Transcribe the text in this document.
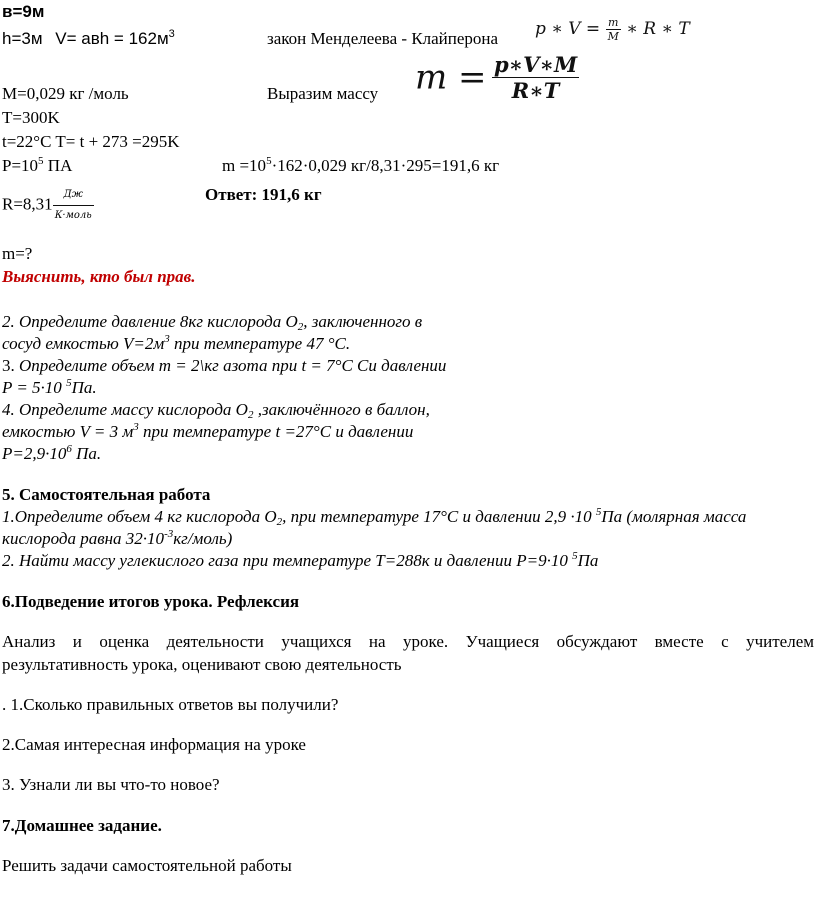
в=9м
h=3м V= авh = $162м^3$	закон Менделеева - Клайперона p ∗ $V = \frac{m}{M}$ ∗ R ∗ T
М=0,029 кг /моль	Выразим массу $m = \frac{p∗V∗M}{R∗T}$
T=300K
t=22°C T= t + 273 =295K
$P=10^5$ ПА	$m =10^5\cdot 162\cdot 0,029$ кг/8,31·295=191,6 кг
$R=8,31 \frac{Дж}{\text{К·моль}}$	Ответ: 191,6 кг
m=?
Выяснить, кто был прав.
2. Определите давление 8кг кислорода $О_2$, заключенного в
сосуд емкостью $V=2м^3$ при температуре 47 °С.
3. Определите объем m = 2\кг азота при t = 7°С Си давлении
P = 5·10 $^5$Па.
4. Определите массу кислорода $О_2$ ,заключённого в баллон,
емкостью V = 3 $м^3$ при температуре t =27°С и давлении
$P=2,9\cdot 10^6$ Па.
5. Самостоятельная работа
1.Определите объем 4 кг кислорода $О_2$, при температуре 17°С и давлении 2,9 ·10 $^5$Па (молярная масса
кислорода равна $32\cdot 10^{-3}кг/моль$)
2. Найти массу углекислого газа при температуре Т=288к и давлении Р=9·10 $^5$Па
6.Подведение итогов урока. Рефлексия
Анализ и оценка деятельности учащихся на уроке. Учащиеся обсуждают вместе с учителем
результативность урока, оценивают свою деятельность
. 1.Сколько правильных ответов вы получили?
2.Самая интересная информация на уроке
3. Узнали ли вы что-то новое?
7.Домашнее задание.
Решить задачи самостоятельной работы
